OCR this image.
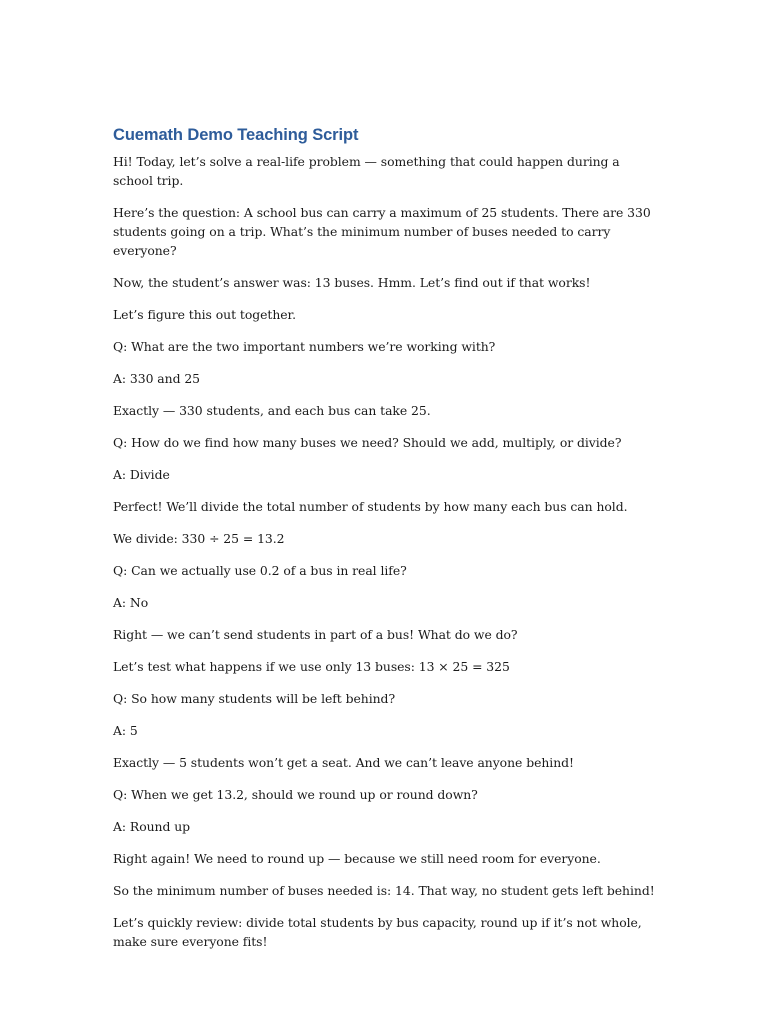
Cuemath Demo Teaching Script

Hi! Today, let’s solve a real-life problem — something that could happen during a school trip.

Here’s the question: A school bus can carry a maximum of 25 students. There are 330 students going on a trip. What’s the minimum number of buses needed to carry everyone?

Now, the student’s answer was: 13 buses. Hmm. Let’s find out if that works!

Let’s figure this out together.

Q: What are the two important numbers we’re working with?

A: 330 and 25

Exactly — 330 students, and each bus can take 25.

Q: How do we find how many buses we need? Should we add, multiply, or divide?

A: Divide

Perfect! We’ll divide the total number of students by how many each bus can hold.

We divide: 330 ÷ 25 = 13.2

Q: Can we actually use 0.2 of a bus in real life?

A: No

Right — we can’t send students in part of a bus! What do we do?

Let’s test what happens if we use only 13 buses: 13 × 25 = 325

Q: So how many students will be left behind?

A: 5

Exactly — 5 students won’t get a seat. And we can’t leave anyone behind!

Q: When we get 13.2, should we round up or round down?

A: Round up

Right again! We need to round up — because we still need room for everyone.

So the minimum number of buses needed is: 14. That way, no student gets left behind!

Let’s quickly review: divide total students by bus capacity, round up if it’s not whole, make sure everyone fits!
